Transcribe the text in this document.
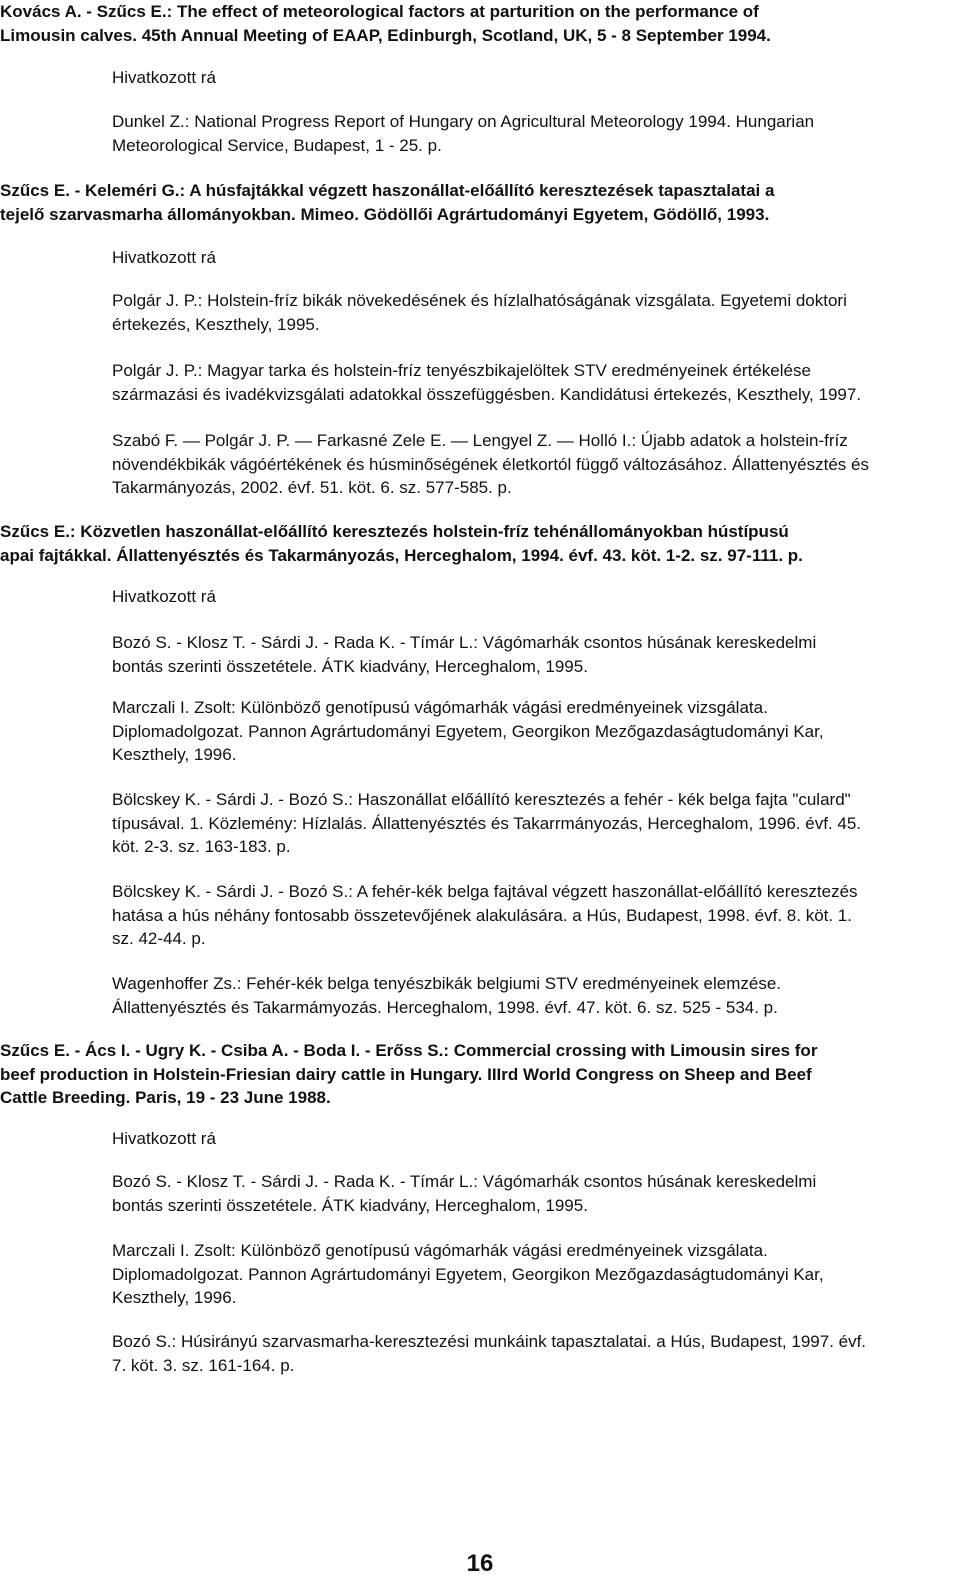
Kovács A. - Szűcs E.: The effect of meteorological factors at parturition on the performance of
Limousin calves. 45th Annual Meeting of EAAP, Edinburgh, Scotland, UK, 5 - 8 September 1994.

Hivatkozott rá

Dunkel Z.: National Progress Report of Hungary on Agricultural Meteorology 1994. Hungarian
Meteorological Service, Budapest, 1 - 25. p.

Szűcs E. - Keleméri G.: A húsfajtákkal végzett haszonállat-előállító keresztezések tapasztalatai a
tejelő szarvasmarha állományokban. Mimeo. Gödöllői Agrártudományi Egyetem, Gödöllő, 1993.

Hivatkozott rá

Polgár J. P.: Holstein-fríz bikák növekedésének és hízlalhatóságának vizsgálata. Egyetemi doktori
értekezés, Keszthely, 1995.

Polgár J. P.: Magyar tarka és holstein-fríz tenyészbikajelöltek STV eredményeinek értékelése
származási és ivadékvizsgálati adatokkal összefüggésben. Kandidátusi értekezés, Keszthely, 1997.

Szabó F. — Polgár J. P. — Farkasné Zele E. — Lengyel Z. — Holló I.: Újabb adatok a holstein-fríz
növendékbikák vágóértékének és húsminőségének életkortól függő változásához. Állattenyésztés és
Takarmányozás, 2002. évf. 51. köt. 6. sz. 577-585. p.

Szűcs E.: Közvetlen haszonállat-előállító keresztezés holstein-fríz tehénállományokban hústípusú
apai fajtákkal. Állattenyésztés és Takarmányozás, Herceghalom, 1994. évf. 43. köt. 1-2. sz. 97-111. p.

Hivatkozott rá

Bozó S. - Klosz T. - Sárdi J. - Rada K. - Tímár L.: Vágómarhák csontos húsának kereskedelmi
bontás szerinti összetétele. ÁTK kiadvány, Herceghalom, 1995.

Marczali I. Zsolt: Különböző genotípusú vágómarhák vágási eredményeinek vizsgálata.
Diplomadolgozat. Pannon Agrártudományi Egyetem, Georgikon Mezőgazdaságtudományi Kar,
Keszthely, 1996.

Bölcskey K. - Sárdi J. - Bozó S.: Haszonállat előállító keresztezés a fehér - kék belga fajta "culard"
típusával. 1. Közlemény: Hízlalás. Állattenyésztés és Takarrmányozás, Herceghalom, 1996. évf. 45.
köt. 2-3. sz. 163-183. p.

Bölcskey K. - Sárdi J. - Bozó S.: A fehér-kék belga fajtával végzett haszonállat-előállító keresztezés
hatása a hús néhány fontosabb összetevőjének alakulására. a Hús, Budapest, 1998. évf. 8. köt. 1.
sz. 42-44. p.

Wagenhoffer Zs.: Fehér-kék belga tenyészbikák belgiumi STV eredményeinek elemzése.
Állattenyésztés és Takarmámyozás. Herceghalom, 1998. évf. 47. köt. 6. sz. 525 - 534. p.

Szűcs E. - Ács I. - Ugry K. - Csiba A. - Boda I. - Erőss S.: Commercial crossing with Limousin sires for
beef production in Holstein-Friesian dairy cattle in Hungary. IIIrd World Congress on Sheep and Beef
Cattle Breeding. Paris, 19 - 23 June 1988.

Hivatkozott rá

Bozó S. - Klosz T. - Sárdi J. - Rada K. - Tímár L.: Vágómarhák csontos húsának kereskedelmi
bontás szerinti összetétele. ÁTK kiadvány, Herceghalom, 1995.

Marczali I. Zsolt: Különböző genotípusú vágómarhák vágási eredményeinek vizsgálata.
Diplomadolgozat. Pannon Agrártudományi Egyetem, Georgikon Mezőgazdaságtudományi Kar,
Keszthely, 1996.

Bozó S.: Húsirányú szarvasmarha-keresztezési munkáink tapasztalatai. a Hús, Budapest, 1997. évf.
7. köt. 3. sz. 161-164. p.

16
